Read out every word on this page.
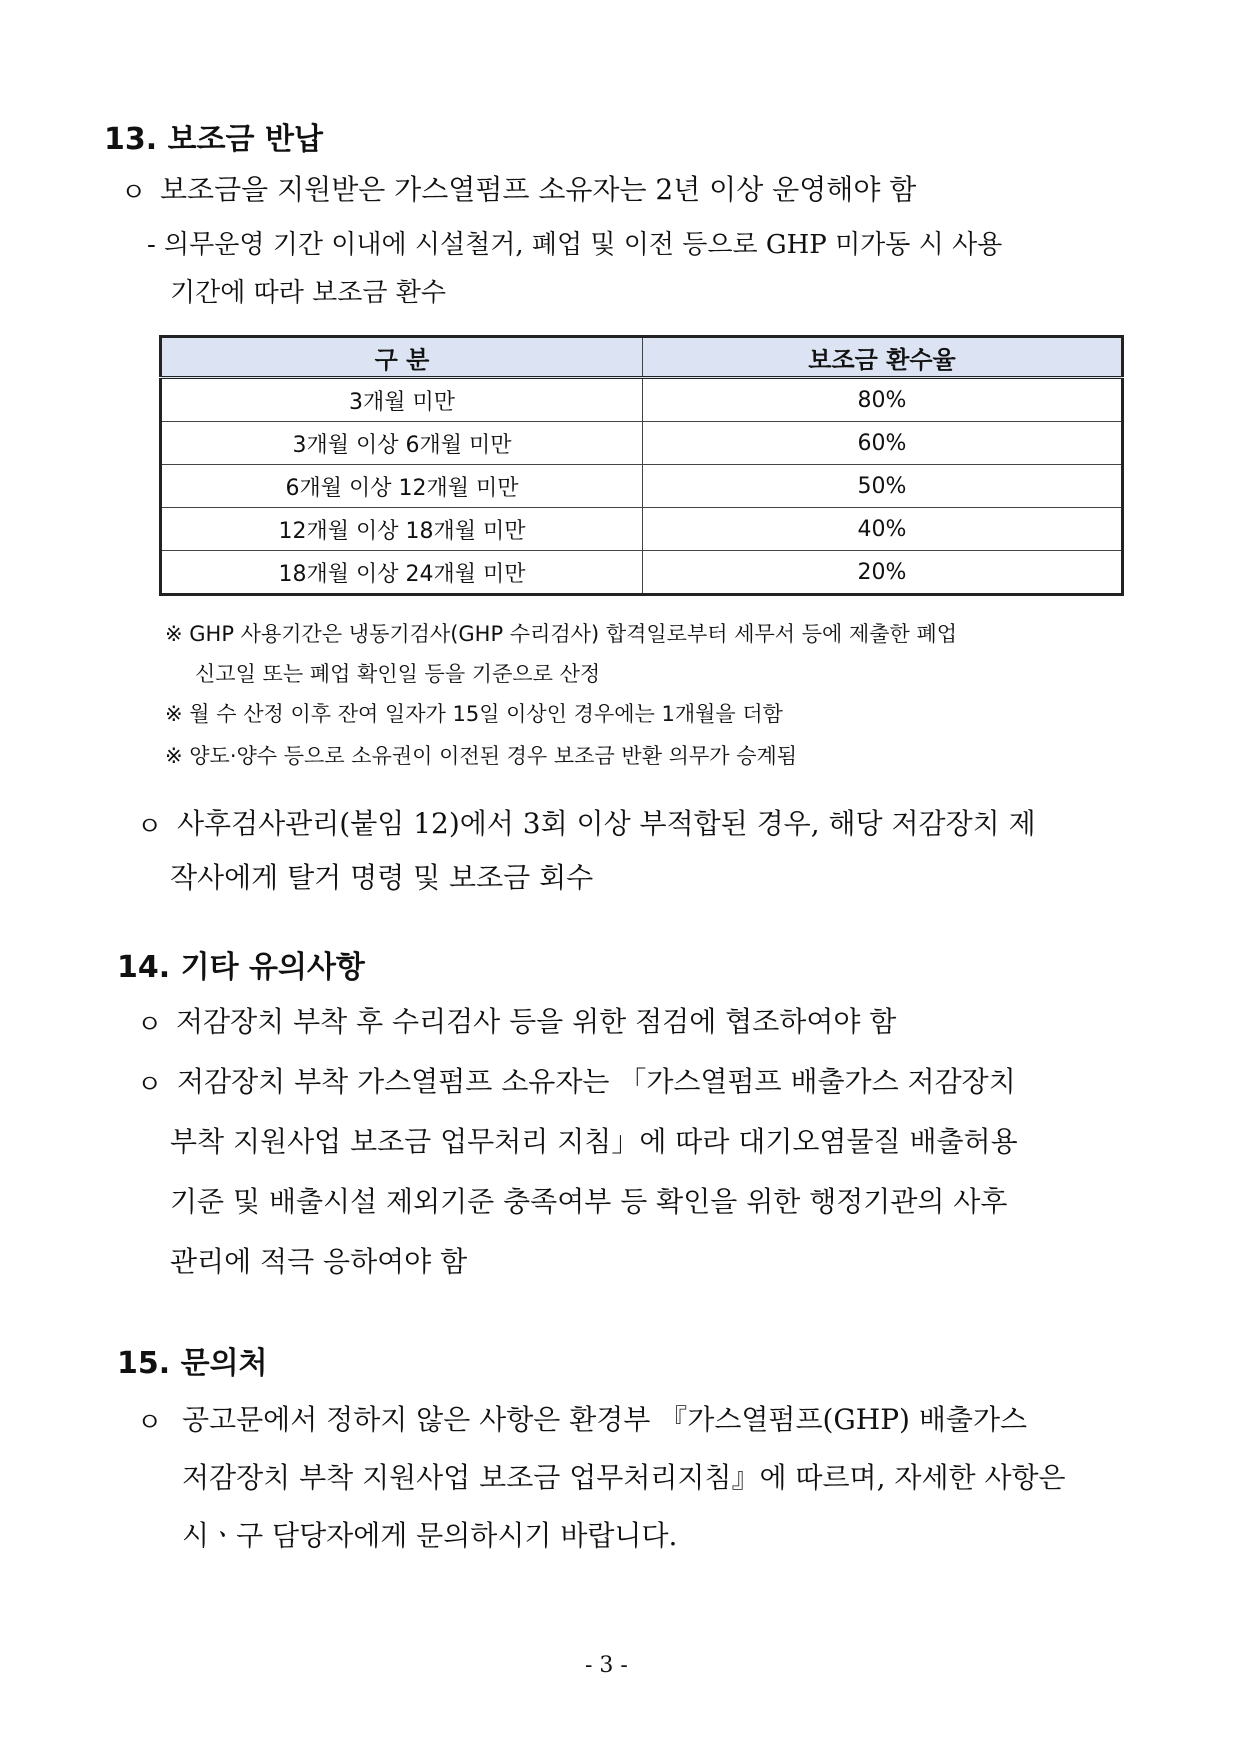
13. 보조금 반납
ㅇ 보조금을 지원받은 가스열펌프 소유자는 2년 이상 운영해야 함
- 의무운영 기간 이내에 시설철거, 폐업 및 이전 등으로 GHP 미가동 시 사용
기간에 따라 보조금 환수
구 분	보조금 환수율
3개월 미만	80%
3개월 이상 6개월 미만	60%
6개월 이상 12개월 미만	50%
12개월 이상 18개월 미만	40%
18개월 이상 24개월 미만	20%
※ GHP 사용기간은 냉동기검사(GHP 수리검사) 합격일로부터 세무서 등에 제출한 폐업
신고일 또는 폐업 확인일 등을 기준으로 산정
※ 월 수 산정 이후 잔여 일자가 15일 이상인 경우에는 1개월을 더함
※ 양도·양수 등으로 소유권이 이전된 경우 보조금 반환 의무가 승계됨
ㅇ 사후검사관리(붙임 12)에서 3회 이상 부적합된 경우, 해당 저감장치 제
작사에게 탈거 명령 및 보조금 회수
14. 기타 유의사항
ㅇ 저감장치 부착 후 수리검사 등을 위한 점검에 협조하여야 함
ㅇ 저감장치 부착 가스열펌프 소유자는 「가스열펌프 배출가스 저감장치
부착 지원사업 보조금 업무처리 지침」에 따라 대기오염물질 배출허용
기준 및 배출시설 제외기준 충족여부 등 확인을 위한 행정기관의 사후
관리에 적극 응하여야 함
15. 문의처
ㅇ 공고문에서 정하지 않은 사항은 환경부 『가스열펌프(GHP) 배출가스
저감장치 부착 지원사업 보조금 업무처리지침』에 따르며, 자세한 사항은
시ㆍ구 담당자에게 문의하시기 바랍니다.
- 3 -
